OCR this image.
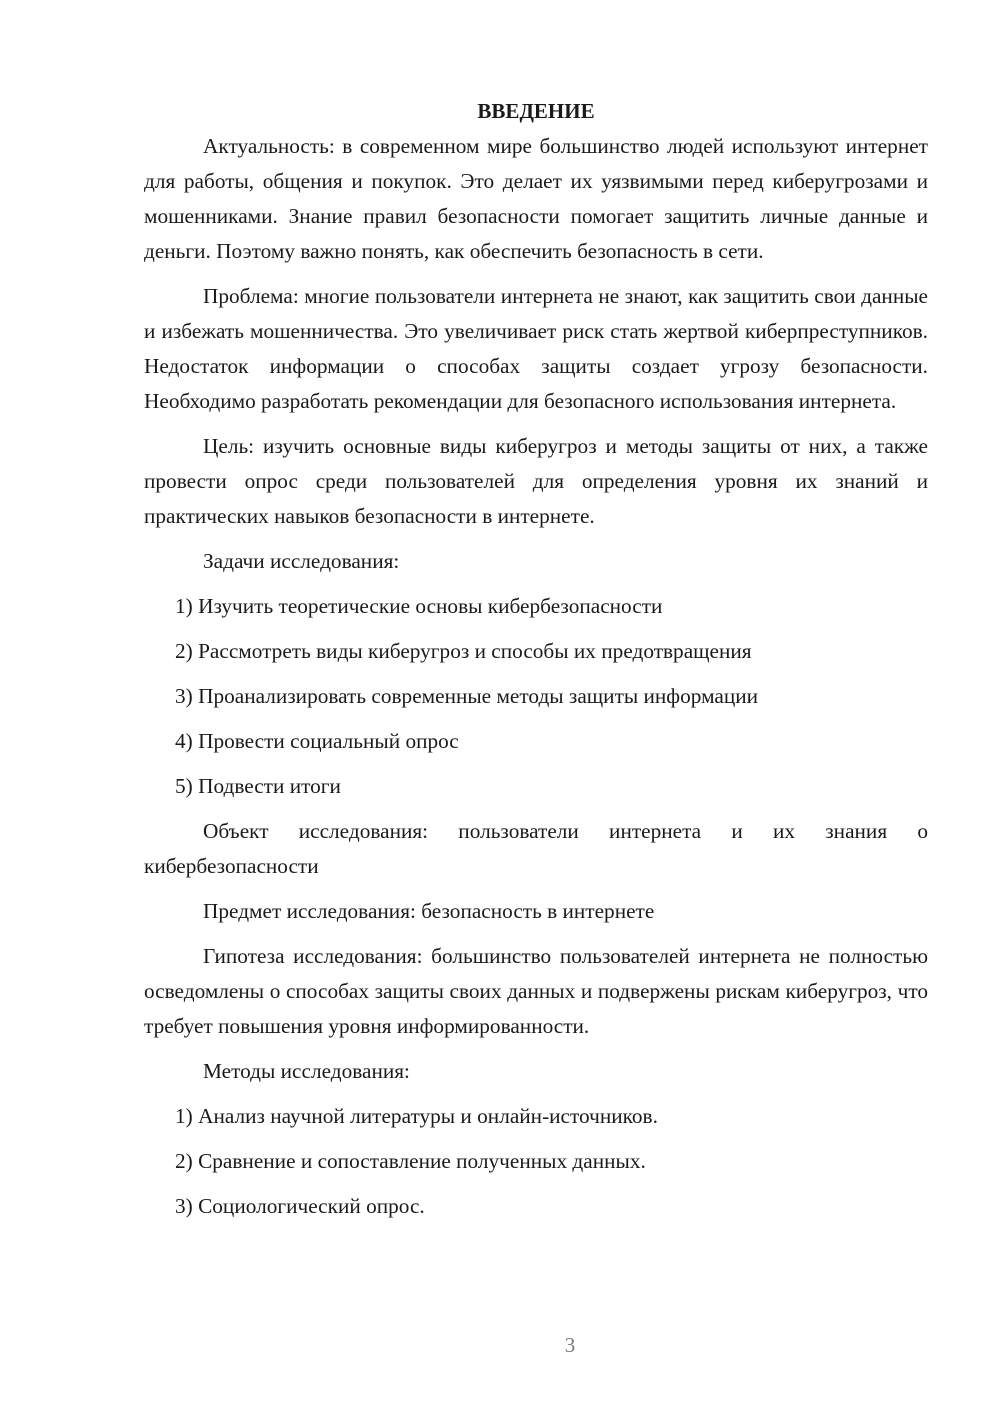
ВВЕДЕНИЕ

Актуальность: в современном мире большинство людей используют интернет для работы, общения и покупок. Это делает их уязвимыми перед киберугрозами и мошенниками. Знание правил безопасности помогает защитить личные данные и деньги. Поэтому важно понять, как обеспечить безопасность в сети.

Проблема: многие пользователи интернета не знают, как защитить свои данные и избежать мошенничества. Это увеличивает риск стать жертвой киберпреступников. Недостаток информации о способах защиты создает угрозу безопасности. Необходимо разработать рекомендации для безопасного использования интернета.

Цель: изучить основные виды киберугроз и методы защиты от них, а также провести опрос среди пользователей для определения уровня их знаний и практических навыков безопасности в интернете.

Задачи исследования:
1) Изучить теоретические основы кибербезопасности
2) Рассмотреть виды киберугроз и способы их предотвращения
3) Проанализировать современные методы защиты информации
4) Провести социальный опрос
5) Подвести итоги

Объект исследования: пользователи интернета и их знания о кибербезопасности

Предмет исследования: безопасность в интернете

Гипотеза исследования: большинство пользователей интернета не полностью осведомлены о способах защиты своих данных и подвержены рискам киберугроз, что требует повышения уровня информированности.

Методы исследования:
1) Анализ научной литературы и онлайн-источников.
2) Сравнение и сопоставление полученных данных.
3) Социологический опрос.
3
